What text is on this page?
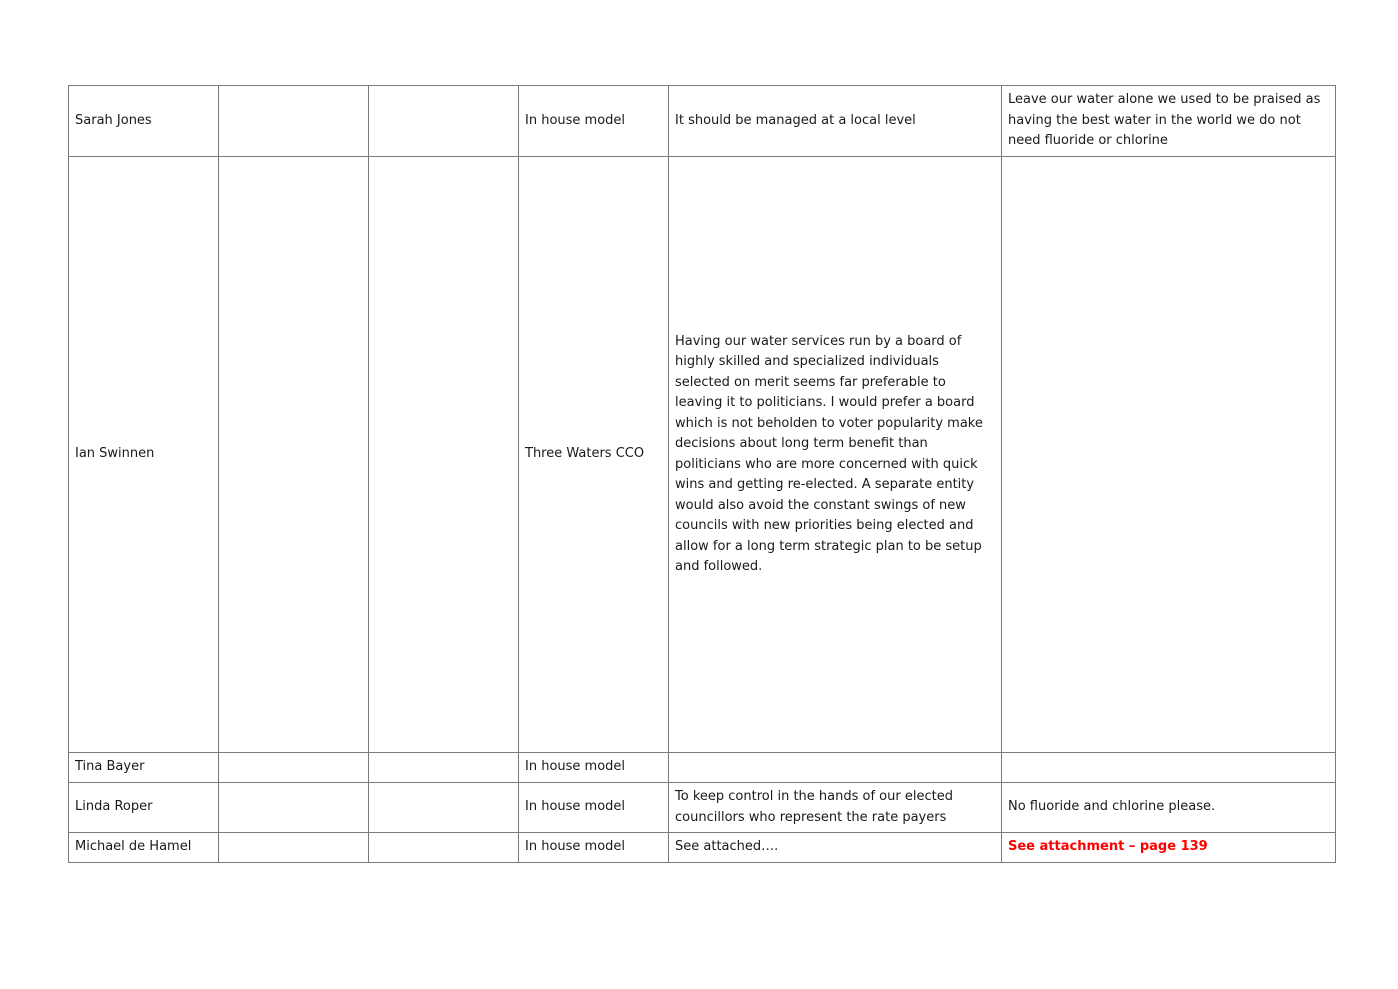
Sarah Jones			In house model	It should be managed at a local level	Leave our water alone we used to be praised as having the best water in the world we do not need fluoride or chlorine
Ian Swinnen			Three Waters CCO	Having our water services run by a board of highly skilled and specialized individuals selected on merit seems far preferable to leaving it to politicians. I would prefer a board which is not beholden to voter popularity make decisions about long term benefit than politicians who are more concerned with quick wins and getting re-elected. A separate entity would also avoid the constant swings of new councils with new priorities being elected and allow for a long term strategic plan to be setup and followed.	
Tina Bayer			In house model		
Linda Roper			In house model	To keep control in the hands of our elected councillors who represent the rate payers	No fluoride and chlorine please.
Michael de Hamel			In house model	See attached….	See attachment – page 139
